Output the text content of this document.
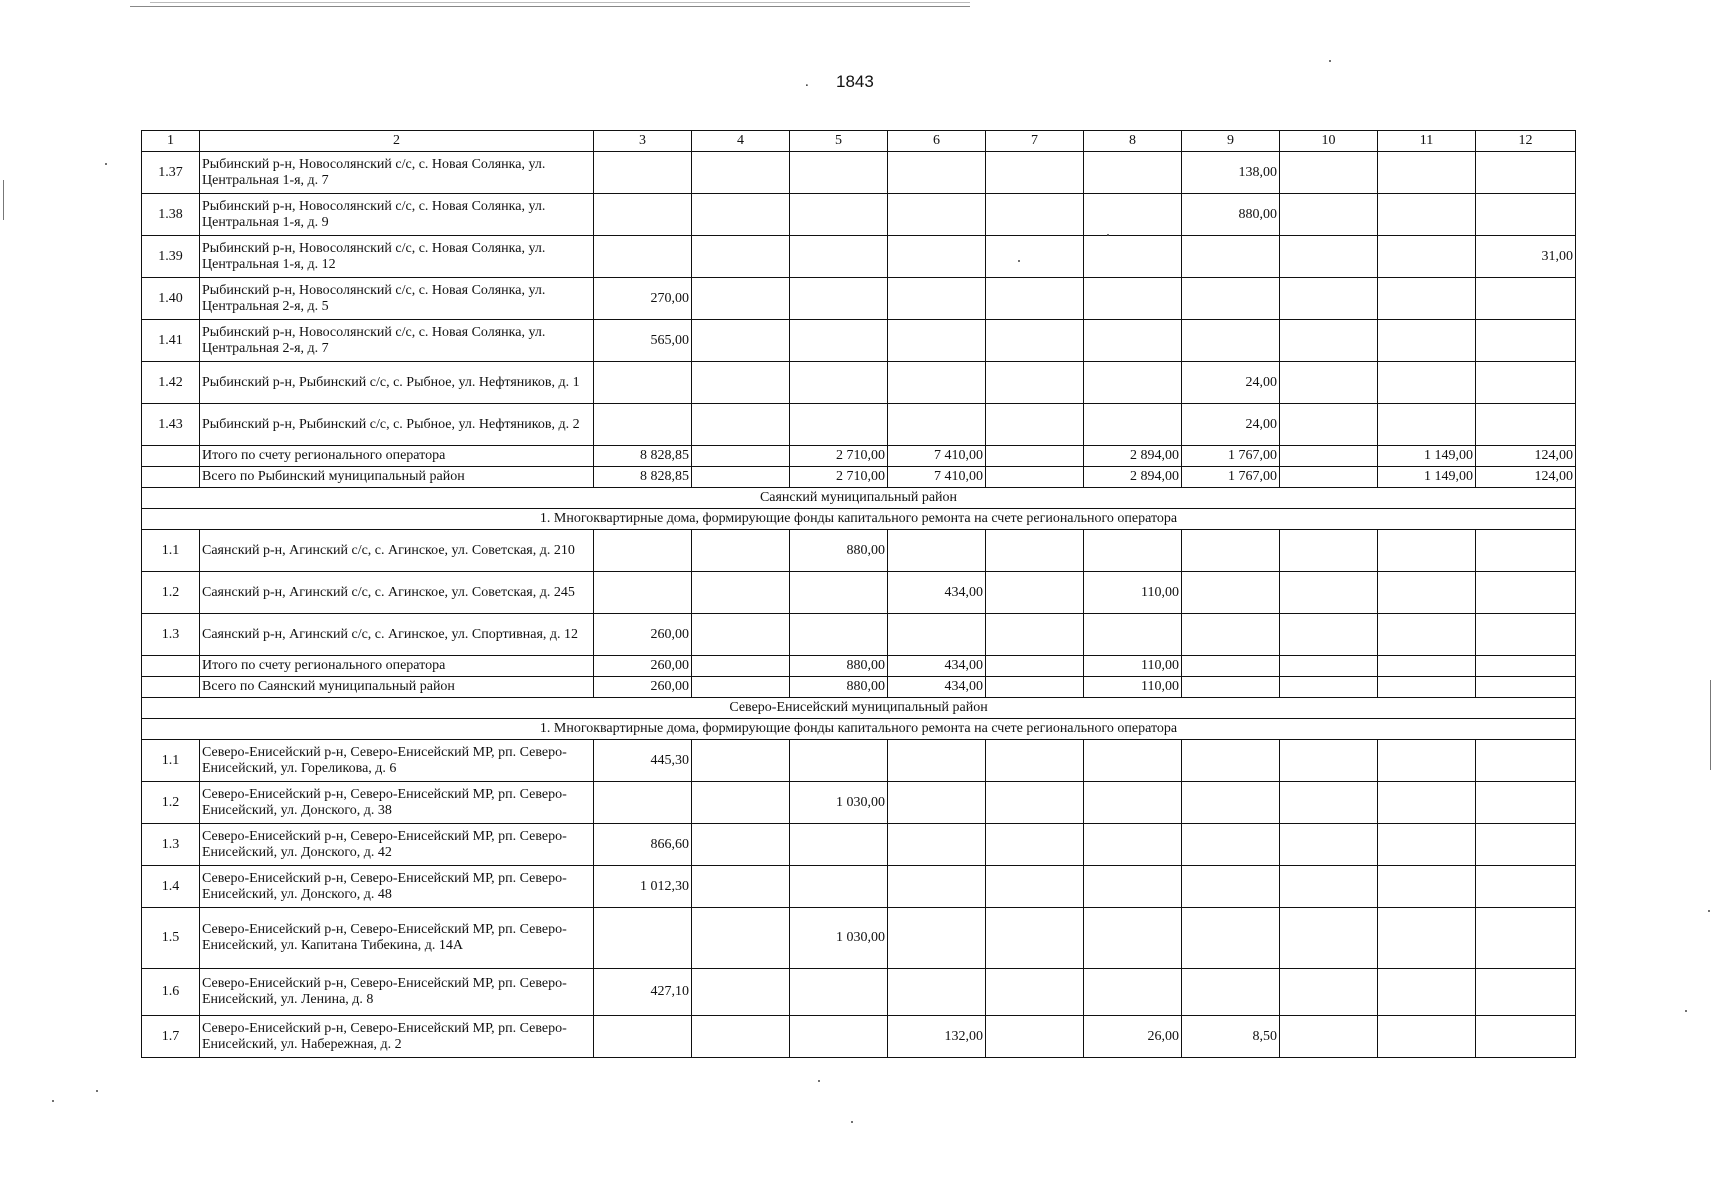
. 1843
1	2	3	4	5	6	7	8	9	10	11	12
1.37	Рыбинский р-н, Новосолянский с/с, с. Новая Солянка, ул. Центральная 1-я, д. 7							138,00			
1.38	Рыбинский р-н, Новосолянский с/с, с. Новая Солянка, ул. Центральная 1-я, д. 9							880,00			
1.39	Рыбинский р-н, Новосолянский с/с, с. Новая Солянка, ул. Центральная 1-я, д. 12										31,00
1.40	Рыбинский р-н, Новосолянский с/с, с. Новая Солянка, ул. Центральная 2-я, д. 5	270,00									
1.41	Рыбинский р-н, Новосолянский с/с, с. Новая Солянка, ул. Центральная 2-я, д. 7	565,00									
1.42	Рыбинский р-н, Рыбинский с/с, с. Рыбное, ул. Нефтяников, д. 1							24,00			
1.43	Рыбинский р-н, Рыбинский с/с, с. Рыбное, ул. Нефтяников, д. 2							24,00			
	Итого по счету регионального оператора	8 828,85		2 710,00	7 410,00		2 894,00	1 767,00		1 149,00	124,00
	Всего по Рыбинский муниципальный район	8 828,85		2 710,00	7 410,00		2 894,00	1 767,00		1 149,00	124,00
Саянский муниципальный район											
1. Многоквартирные дома, формирующие фонды капитального ремонта на счете регионального оператора											
1.1	Саянский р-н, Агинский с/с, с. Агинское, ул. Советская, д. 210			880,00							
1.2	Саянский р-н, Агинский с/с, с. Агинское, ул. Советская, д. 245				434,00		110,00				
1.3	Саянский р-н, Агинский с/с, с. Агинское, ул. Спортивная, д. 12	260,00									
	Итого по счету регионального оператора	260,00		880,00	434,00		110,00				
	Всего по Саянский муниципальный район	260,00		880,00	434,00		110,00				
Северо-Енисейский муниципальный район											
1. Многоквартирные дома, формирующие фонды капитального ремонта на счете регионального оператора											
1.1	Северо-Енисейский р-н, Северо-Енисейский МР, рп. Северо-Енисейский, ул. Гореликова, д. 6	445,30									
1.2	Северо-Енисейский р-н, Северо-Енисейский МР, рп. Северо-Енисейский, ул. Донского, д. 38			1 030,00							
1.3	Северо-Енисейский р-н, Северо-Енисейский МР, рп. Северо-Енисейский, ул. Донского, д. 42	866,60									
1.4	Северо-Енисейский р-н, Северо-Енисейский МР, рп. Северо-Енисейский, ул. Донского, д. 48	1 012,30									
1.5	Северо-Енисейский р-н, Северо-Енисейский МР, рп. Северо-Енисейский, ул. Капитана Тибекина, д. 14А			1 030,00							
1.6	Северо-Енисейский р-н, Северо-Енисейский МР, рп. Северо-Енисейский, ул. Ленина, д. 8	427,10									
1.7	Северо-Енисейский р-н, Северо-Енисейский МР, рп. Северо-Енисейский, ул. Набережная, д. 2				132,00		26,00	8,50			
